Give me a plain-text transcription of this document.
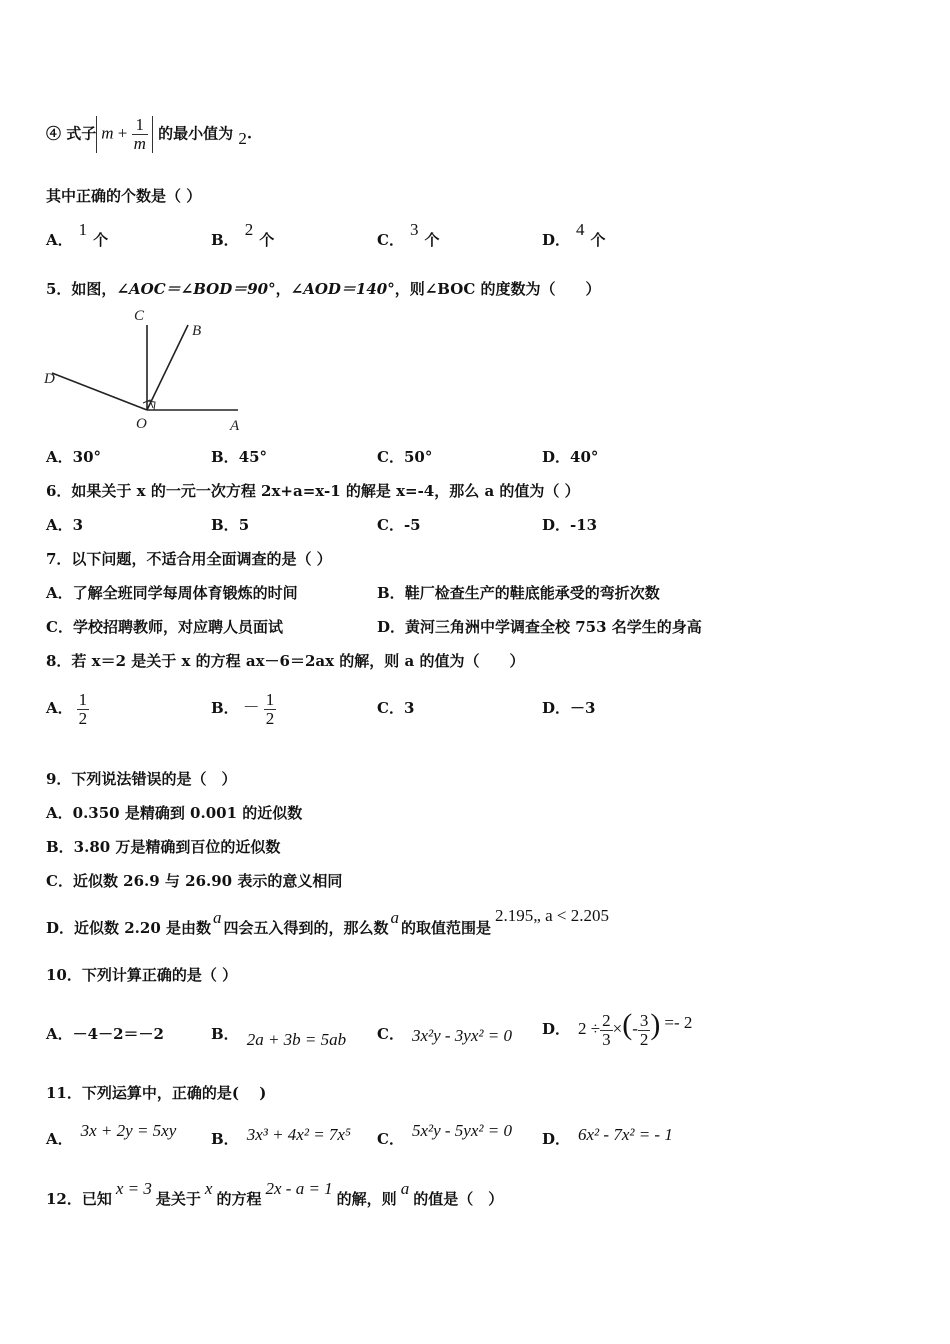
④ 式子 $m + \frac{1}{m}$ 的最小值为 2.
其中正确的个数是（ ）
A．1个	B．2个	C．3个	D．4个
5．如图，∠AOC＝∠BOD＝90°，∠AOD＝140°，则∠BOC 的度数为（　　）
C
B
D
O	A
A．30°	B．45°	C．50°	D．40°
6．如果关于 x 的一元一次方程 2x+a=x-1 的解是 x=-4，那么 a 的值为（ ）
A．3	B．5	C．-5	D．-13
7．以下问题，不适合用全面调查的是（ ）
A．了解全班同学每周体育锻炼的时间	B．鞋厂检查生产的鞋底能承受的弯折次数
C．学校招聘教师，对应聘人员面试	D．黄河三角洲中学调查全校 753 名学生的身高
8．若 x＝2 是关于 x 的方程 ax－6＝2ax 的解，则 a 的值为（　　）
A． $\frac{1}{2}$	B． － $\frac{1}{2}$	C．3	D．－3
9．下列说法错误的是（　）
A．0.350 是精确到 0.001 的近似数
B．3.80 万是精确到百位的近似数
C．近似数 26.9 与 26.90 表示的意义相同
D．近似数 2.20 是由数a四会五入得到的，那么数a的取值范围是2.195„ a < 2.205
10．下列计算正确的是（ ）
A．－4－2＝－2	B． 2a + 3b = 5ab C． 3x²y - 3yx² = 0 D． $2 \div \frac{2}{3}$ ×(- $\frac{3}{2}$ ) =- 2
11．下列运算中，正确的是(　 )
A． 3x + 2y = 5xy B． 3x³ + 4x² = 7x⁵ C． 5x²y - 5yx² = 0 D． 6x² - 7x² = - 1
12．已知x = 3是关于x的方程2x - a = 1的解，则a的值是（　）
